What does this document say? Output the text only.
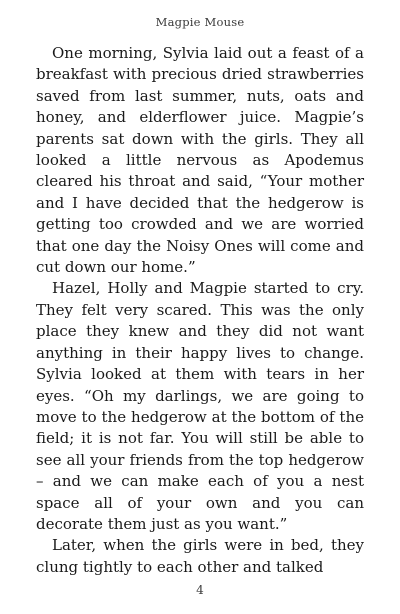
Magpie Mouse

One morning, Sylvia laid out a feast of a breakfast with precious dried strawberries saved from last summer, nuts, oats and honey, and elderflower juice. Magpie’s parents sat down with the girls. They all looked a little nervous as Apodemus cleared his throat and said, “Your mother and I have decided that the hedgerow is getting too crowded and we are worried that one day the Noisy Ones will come and cut down our home.”

Hazel, Holly and Magpie started to cry. They felt very scared. This was the only place they knew and they did not want anything in their happy lives to change. Sylvia looked at them with tears in her eyes. “Oh my darlings, we are going to move to the hedgerow at the bottom of the field; it is not far. You will still be able to see all your friends from the top hedgerow – and we can make each of you a nest space all of your own and you can decorate them just as you want.”

Later, when the girls were in bed, they clung tightly to each other and talked

4
